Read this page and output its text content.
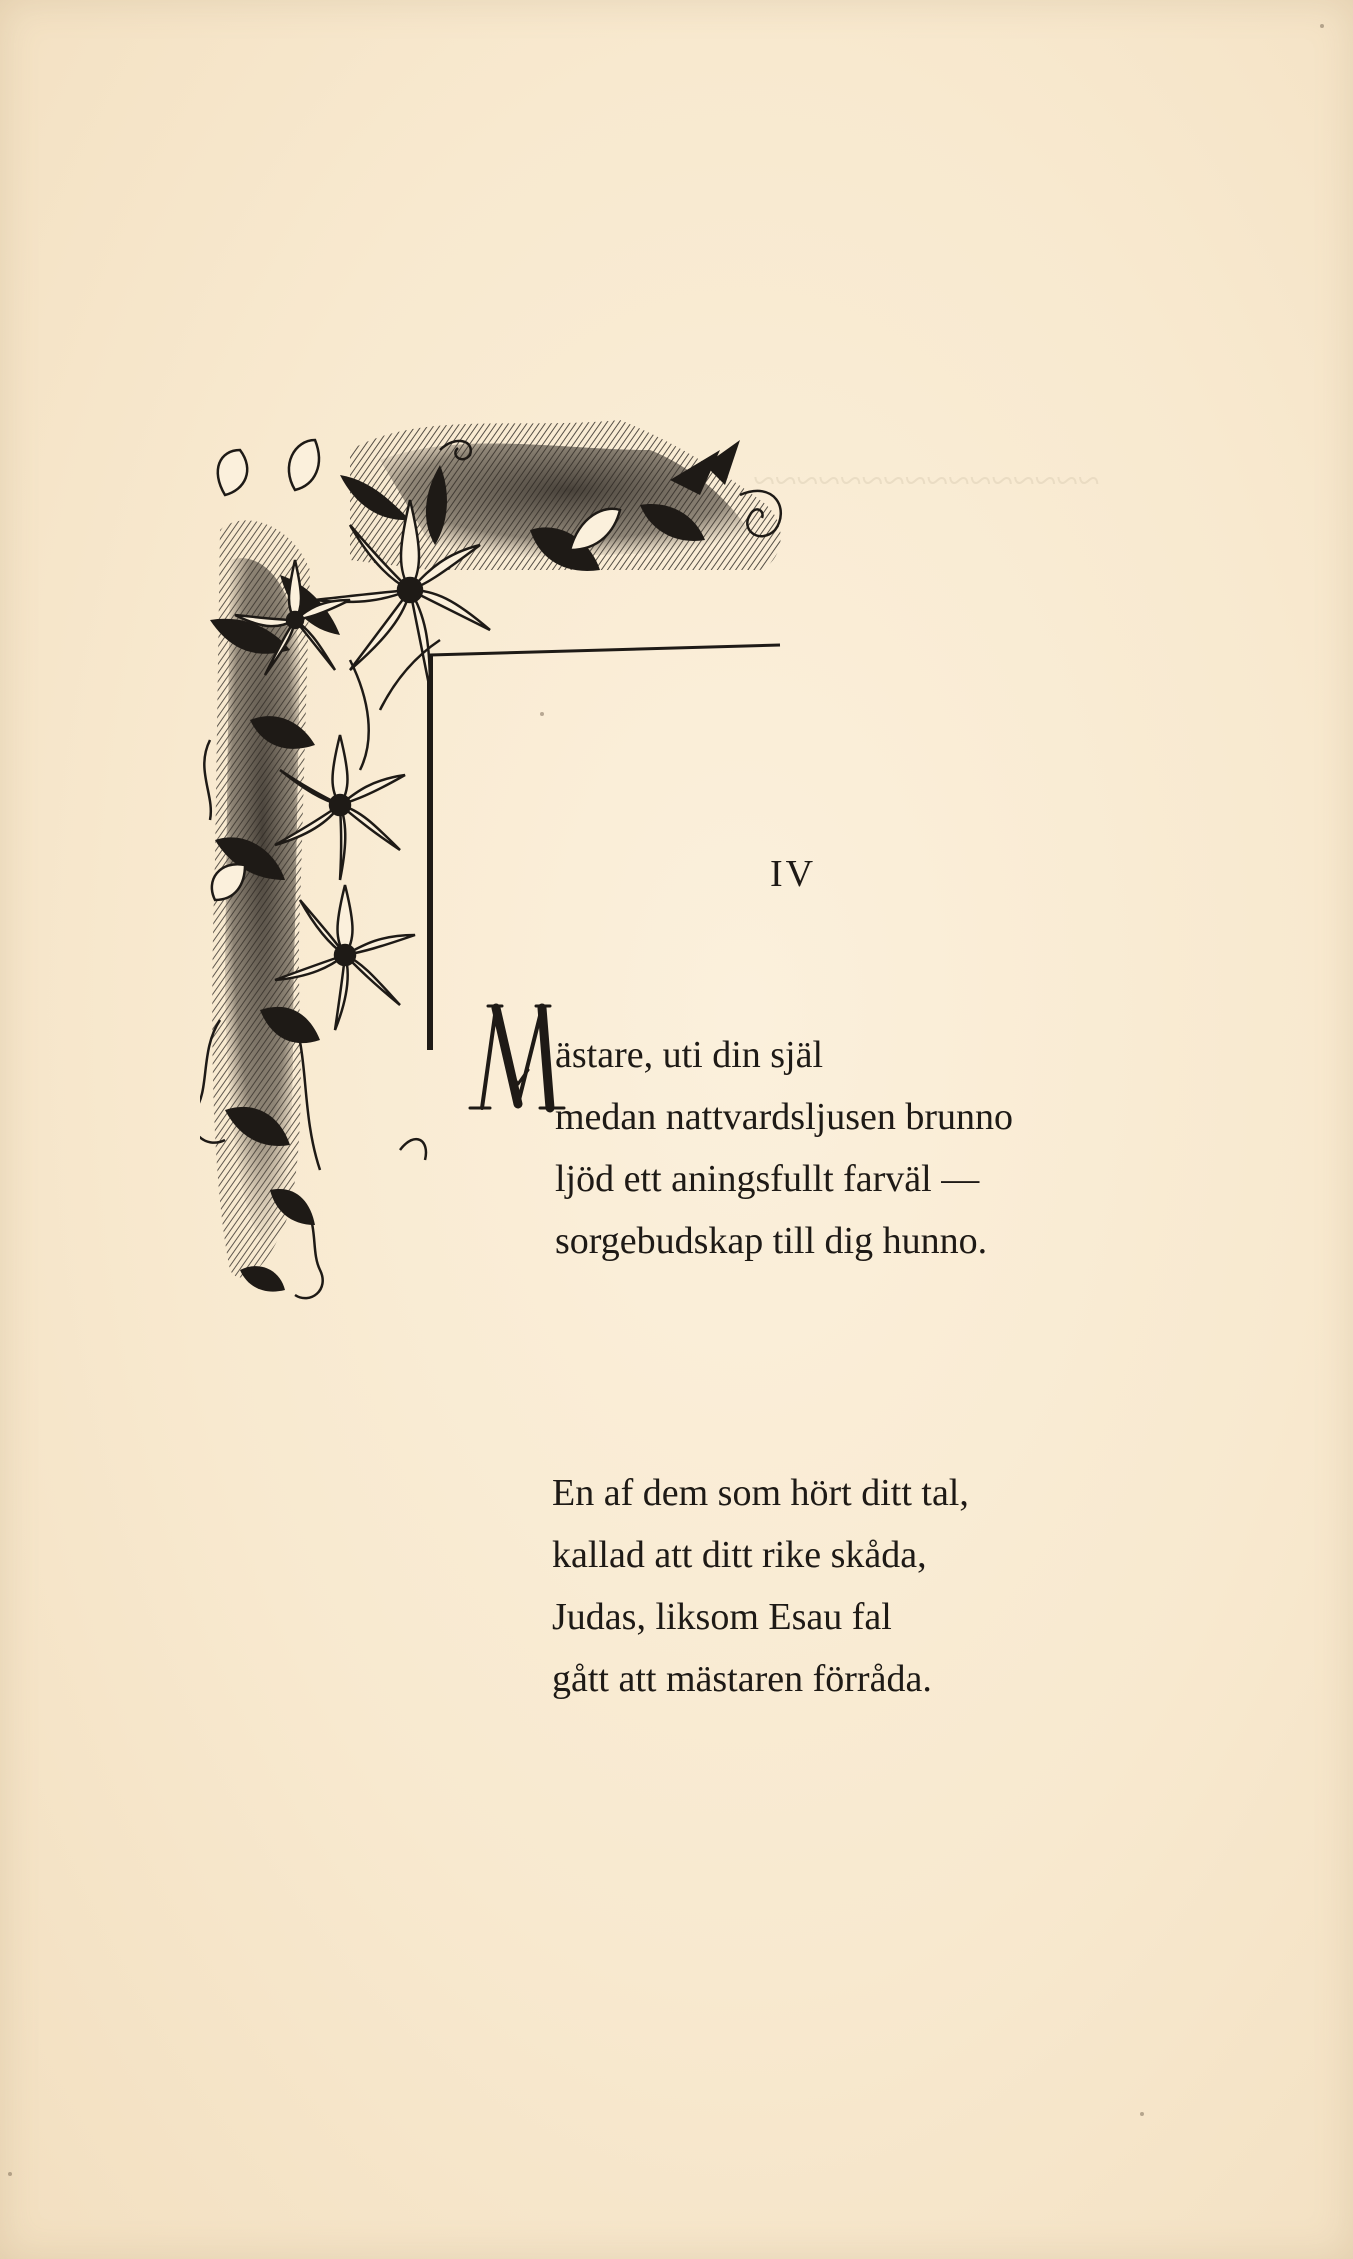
~~~~~~~~~~~~~~~~
IV
M
ästare, uti din själ
medan nattvardsljusen brunno
ljöd ett aningsfullt farväl —
sorgebudskap till dig hunno.
En af dem som hört ditt tal,
kallad att ditt rike skåda,
Judas, liksom Esau fal
gått att mästaren förråda.
